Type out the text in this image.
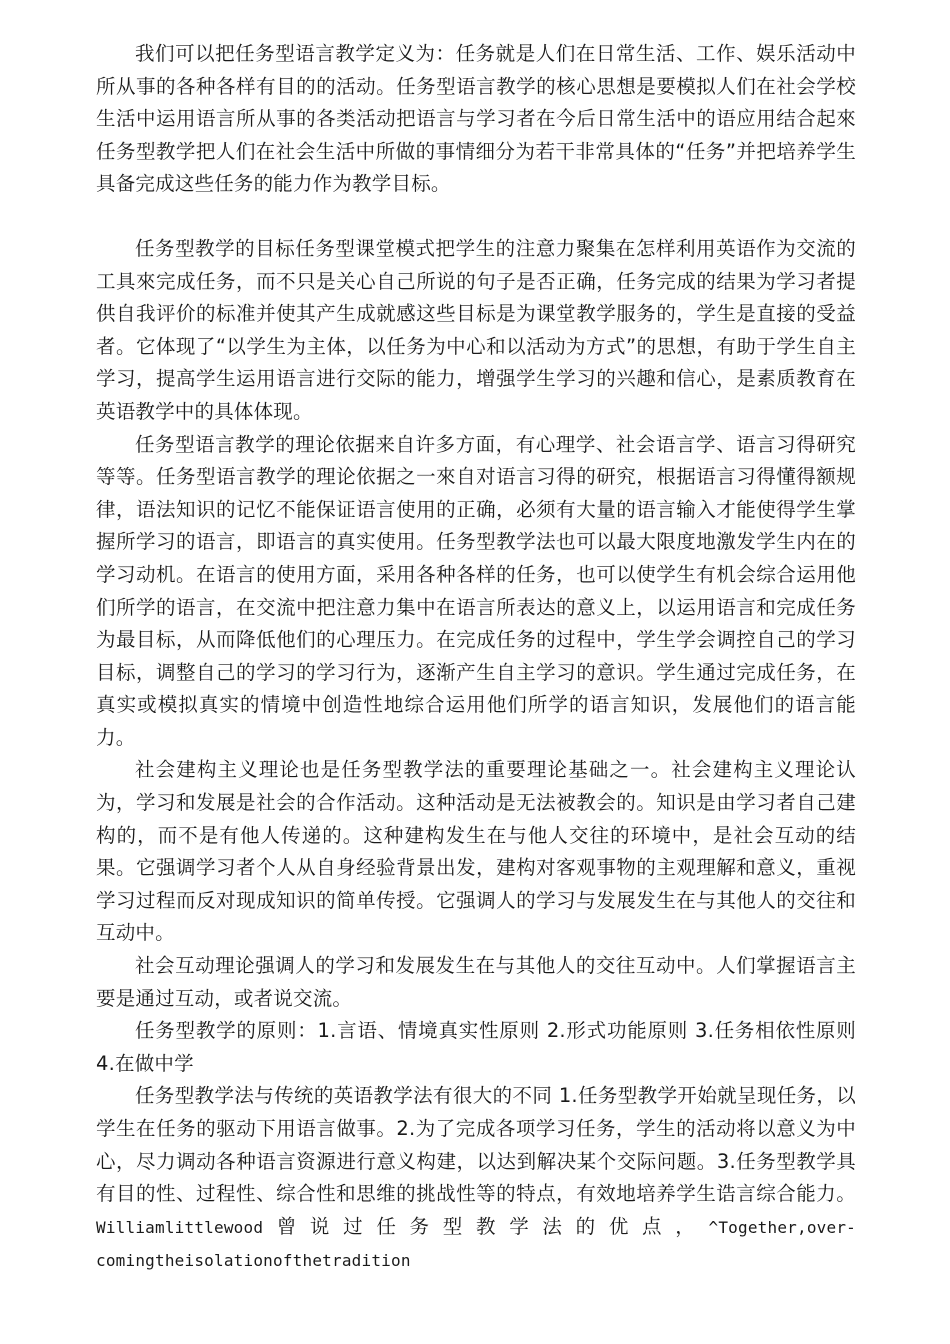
我们可以把任务型语言教学定义为：任务就是人们在日常生活、工作、娱乐活动中所从事的各种各样有目的的活动。任务型语言教学的核心思想是要模拟人们在社会学校生活中运用语言所从事的各类活动把语言与学习者在今后日常生活中的语应用结合起來任务型教学把人们在社会生活中所做的事情细分为若干非常具体的“任务”并把培养学生具备完成这些任务的能力作为教学目标。

任务型教学的目标任务型课堂模式把学生的注意力聚集在怎样利用英语作为交流的工具來完成任务，而不只是关心自己所说的句子是否正确，任务完成的结果为学习者提供自我评价的标准并使其产生成就感这些目标是为课堂教学服务的，学生是直接的受益者。它体现了“以学生为主体，以任务为中心和以活动为方式”的思想，有助于学生自主学习，提高学生运用语言进行交际的能力，增强学生学习的兴趣和信心，是素质教育在英语教学中的具体体现。

任务型语言教学的理论依据来自许多方面，有心理学、社会语言学、语言习得研究等等。任务型语言教学的理论依据之一來自对语言习得的研究，根据语言习得懂得额规律，语法知识的记忆不能保证语言使用的正确，必须有大量的语言输入才能使得学生掌握所学习的语言，即语言的真实使用。任务型教学法也可以最大限度地激发学生内在的学习动机。在语言的使用方面，采用各种各样的任务，也可以使学生有机会综合运用他们所学的语言，在交流中把注意力集中在语言所表达的意义上，以运用语言和完成任务为最目标，从而降低他们的心理压力。在完成任务的过程中，学生学会调控自己的学习目标，调整自己的学习的学习行为，逐渐产生自主学习的意识。学生通过完成任务，在真实或模拟真实的情境中创造性地综合运用他们所学的语言知识，发展他们的语言能力。

社会建构主义理论也是任务型教学法的重要理论基础之一。社会建构主义理论认为，学习和发展是社会的合作活动。这种活动是无法被教会的。知识是由学习者自己建构的，而不是有他人传递的。这种建构发生在与他人交往的环境中，是社会互动的结果。它强调学习者个人从自身经验背景出发，建构对客观事物的主观理解和意义，重视学习过程而反对现成知识的简单传授。它强调人的学习与发展发生在与其他人的交往和互动中。

社会互动理论强调人的学习和发展发生在与其他人的交往互动中。人们掌握语言主要是通过互动，或者说交流。

任务型教学的原则：1.言语、情境真实性原则 2.形式功能原则 3.任务相依性原则 4.在做中学

任务型教学法与传统的英语教学法有很大的不同 1.任务型教学开始就呈现任务，以学生在任务的驱动下用语言做事。2.为了完成各项学习任务，学生的活动将以意义为中心，尽力调动各种语言资源进行意义构建，以达到解决某个交际问题。3.任务型教学具有目的性、过程性、综合性和思维的挑战性等的特点，有效地培养学生诰言综合能力。Williamlittlewood曾说过任务型教学法的优点，^Together,over-comingtheisolationofthetradition
